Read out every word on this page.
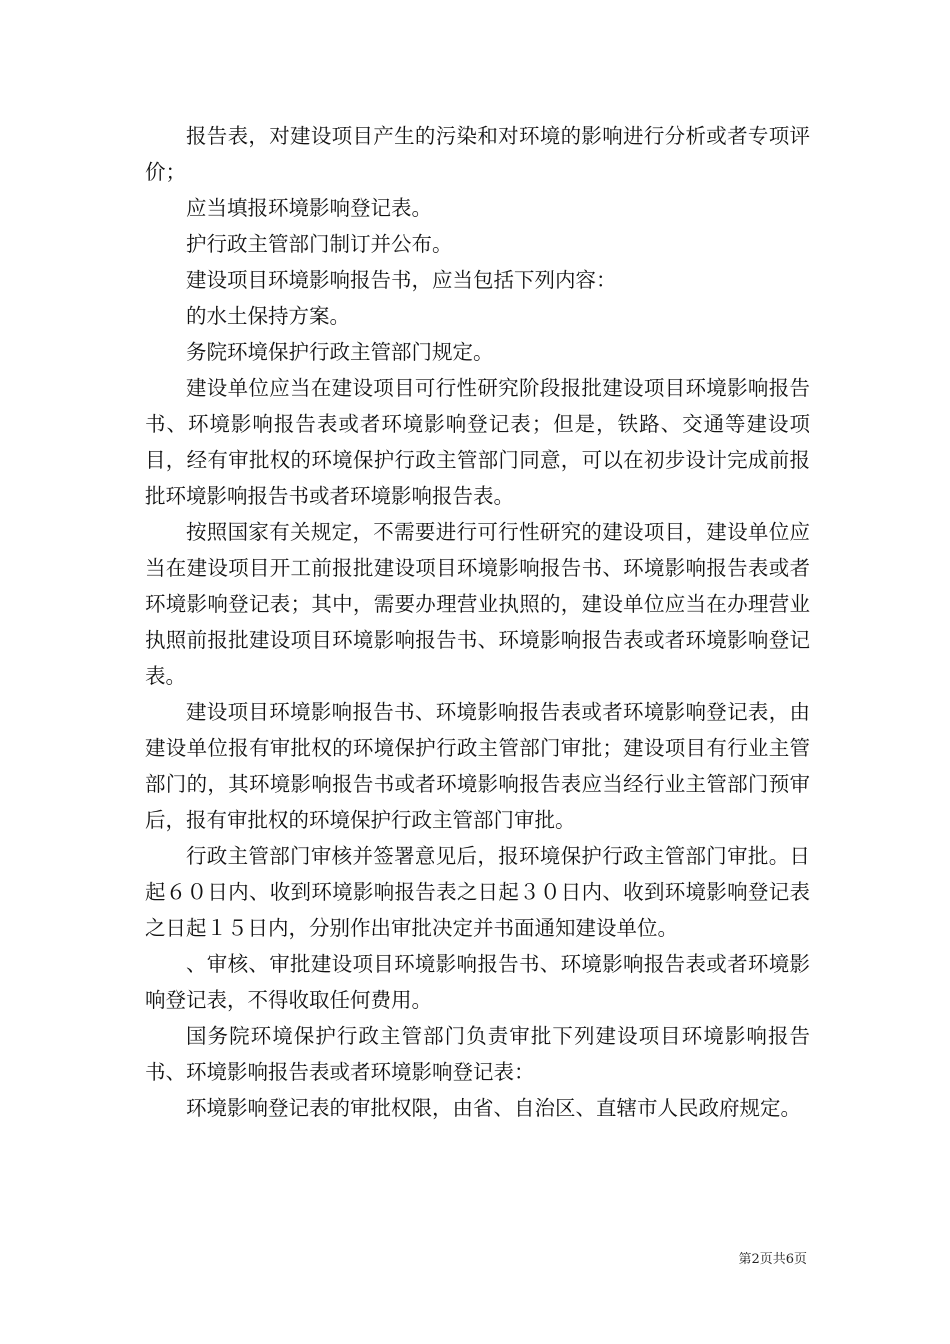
报告表，对建设项目产生的污染和对环境的影响进行分析或者专项评价；

应当填报环境影响登记表。

护行政主管部门制订并公布。

建设项目环境影响报告书，应当包括下列内容：

的水土保持方案。

务院环境保护行政主管部门规定。

建设单位应当在建设项目可行性研究阶段报批建设项目环境影响报告书、环境影响报告表或者环境影响登记表；但是，铁路、交通等建设项目，经有审批权的环境保护行政主管部门同意，可以在初步设计完成前报批环境影响报告书或者环境影响报告表。

按照国家有关规定，不需要进行可行性研究的建设项目，建设单位应当在建设项目开工前报批建设项目环境影响报告书、环境影响报告表或者环境影响登记表；其中，需要办理营业执照的，建设单位应当在办理营业执照前报批建设项目环境影响报告书、环境影响报告表或者环境影响登记表。

建设项目环境影响报告书、环境影响报告表或者环境影响登记表，由建设单位报有审批权的环境保护行政主管部门审批；建设项目有行业主管部门的，其环境影响报告书或者环境影响报告表应当经行业主管部门预审后，报有审批权的环境保护行政主管部门审批。

行政主管部门审核并签署意见后，报环境保护行政主管部门审批。日起６０日内、收到环境影响报告表之日起３０日内、收到环境影响登记表之日起１５日内，分别作出审批决定并书面通知建设单位。

、审核、审批建设项目环境影响报告书、环境影响报告表或者环境影响登记表，不得收取任何费用。

国务院环境保护行政主管部门负责审批下列建设项目环境影响报告书、环境影响报告表或者环境影响登记表：

环境影响登记表的审批权限，由省、自治区、直辖市人民政府规定。

第2页共6页
